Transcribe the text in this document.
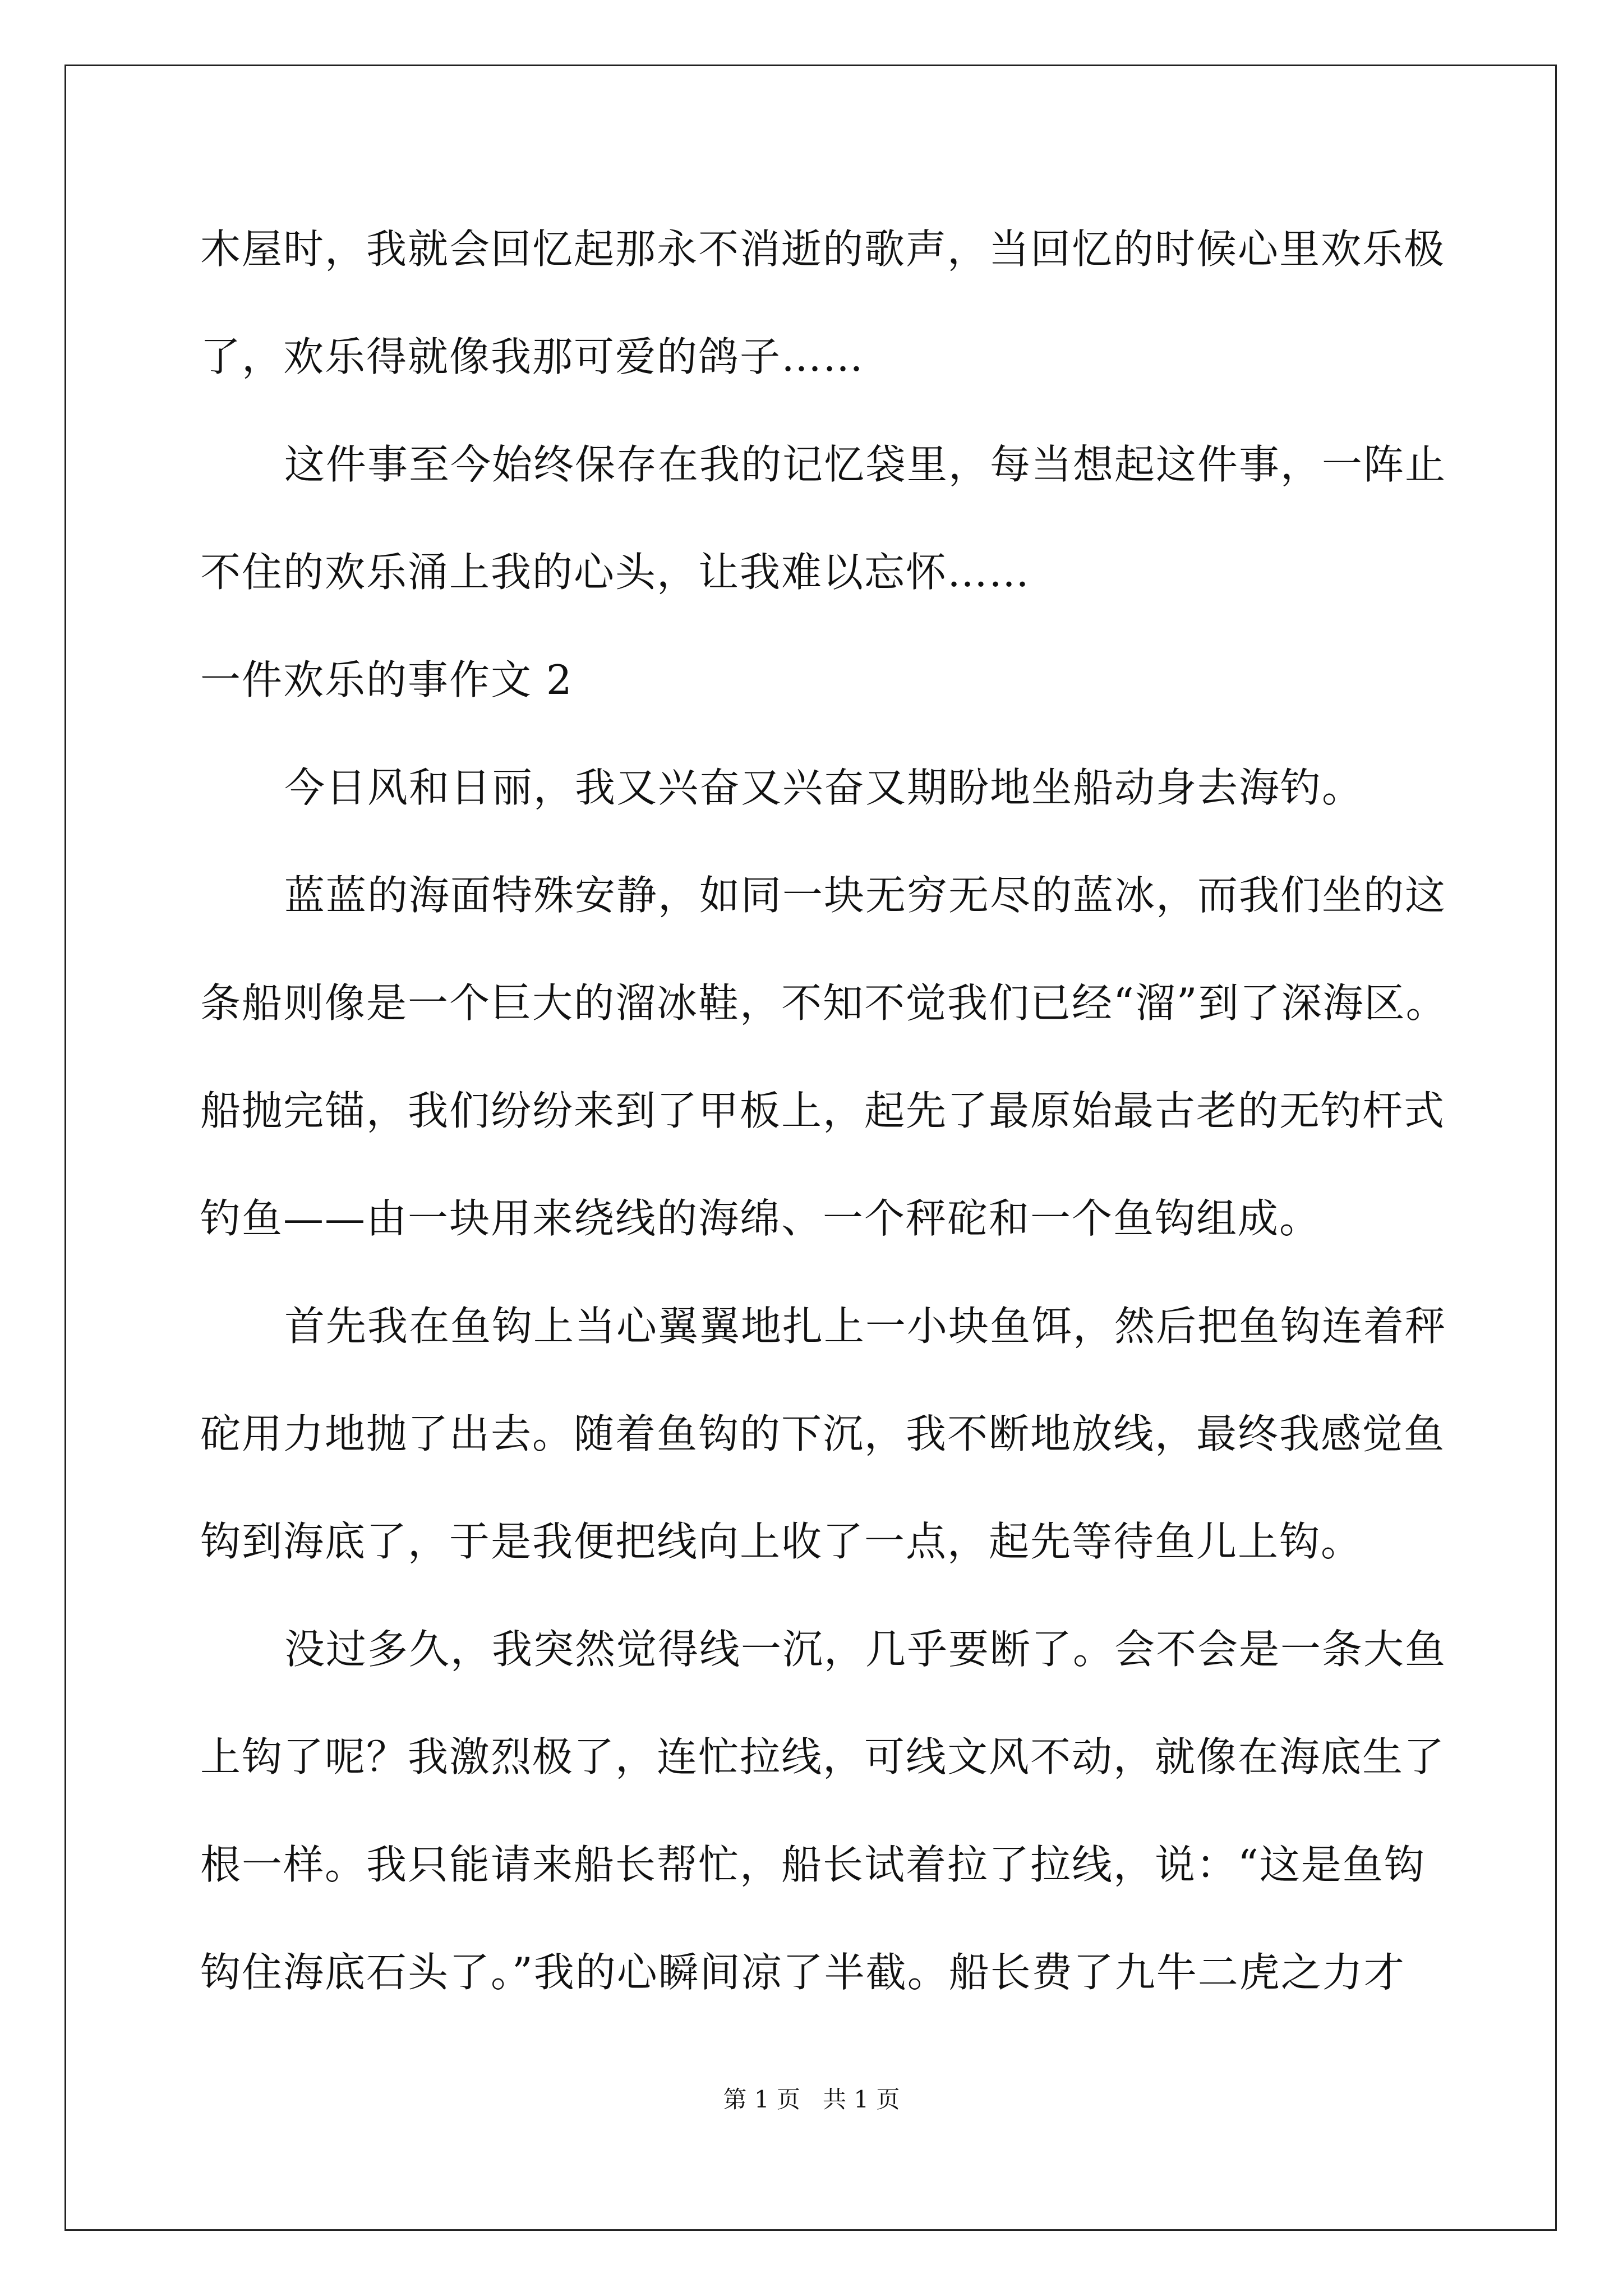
木屋时，我就会回忆起那永不消逝的歌声，当回忆的时候心里欢乐极
了，欢乐得就像我那可爱的鸽子……
这件事至今始终保存在我的记忆袋里，每当想起这件事，一阵止
不住的欢乐涌上我的心头，让我难以忘怀……
一件欢乐的事作文 2
今日风和日丽，我又兴奋又兴奋又期盼地坐船动身去海钓。
蓝蓝的海面特殊安静，如同一块无穷无尽的蓝冰，而我们坐的这
条船则像是一个巨大的溜冰鞋，不知不觉我们已经“溜”到了深海区。
船抛完锚，我们纷纷来到了甲板上，起先了最原始最古老的无钓杆式
钓鱼——由一块用来绕线的海绵、一个秤砣和一个鱼钩组成。
首先我在鱼钩上当心翼翼地扎上一小块鱼饵，然后把鱼钩连着秤
砣用力地抛了出去。随着鱼钩的下沉，我不断地放线，最终我感觉鱼
钩到海底了，于是我便把线向上收了一点，起先等待鱼儿上钩。
没过多久，我突然觉得线一沉，几乎要断了。会不会是一条大鱼
上钩了呢？我激烈极了，连忙拉线，可线文风不动，就像在海底生了
根一样。我只能请来船长帮忙，船长试着拉了拉线，说：“这是鱼钩
钩住海底石头了。”我的心瞬间凉了半截。船长费了九牛二虎之力才
第 1 页   共 1 页
